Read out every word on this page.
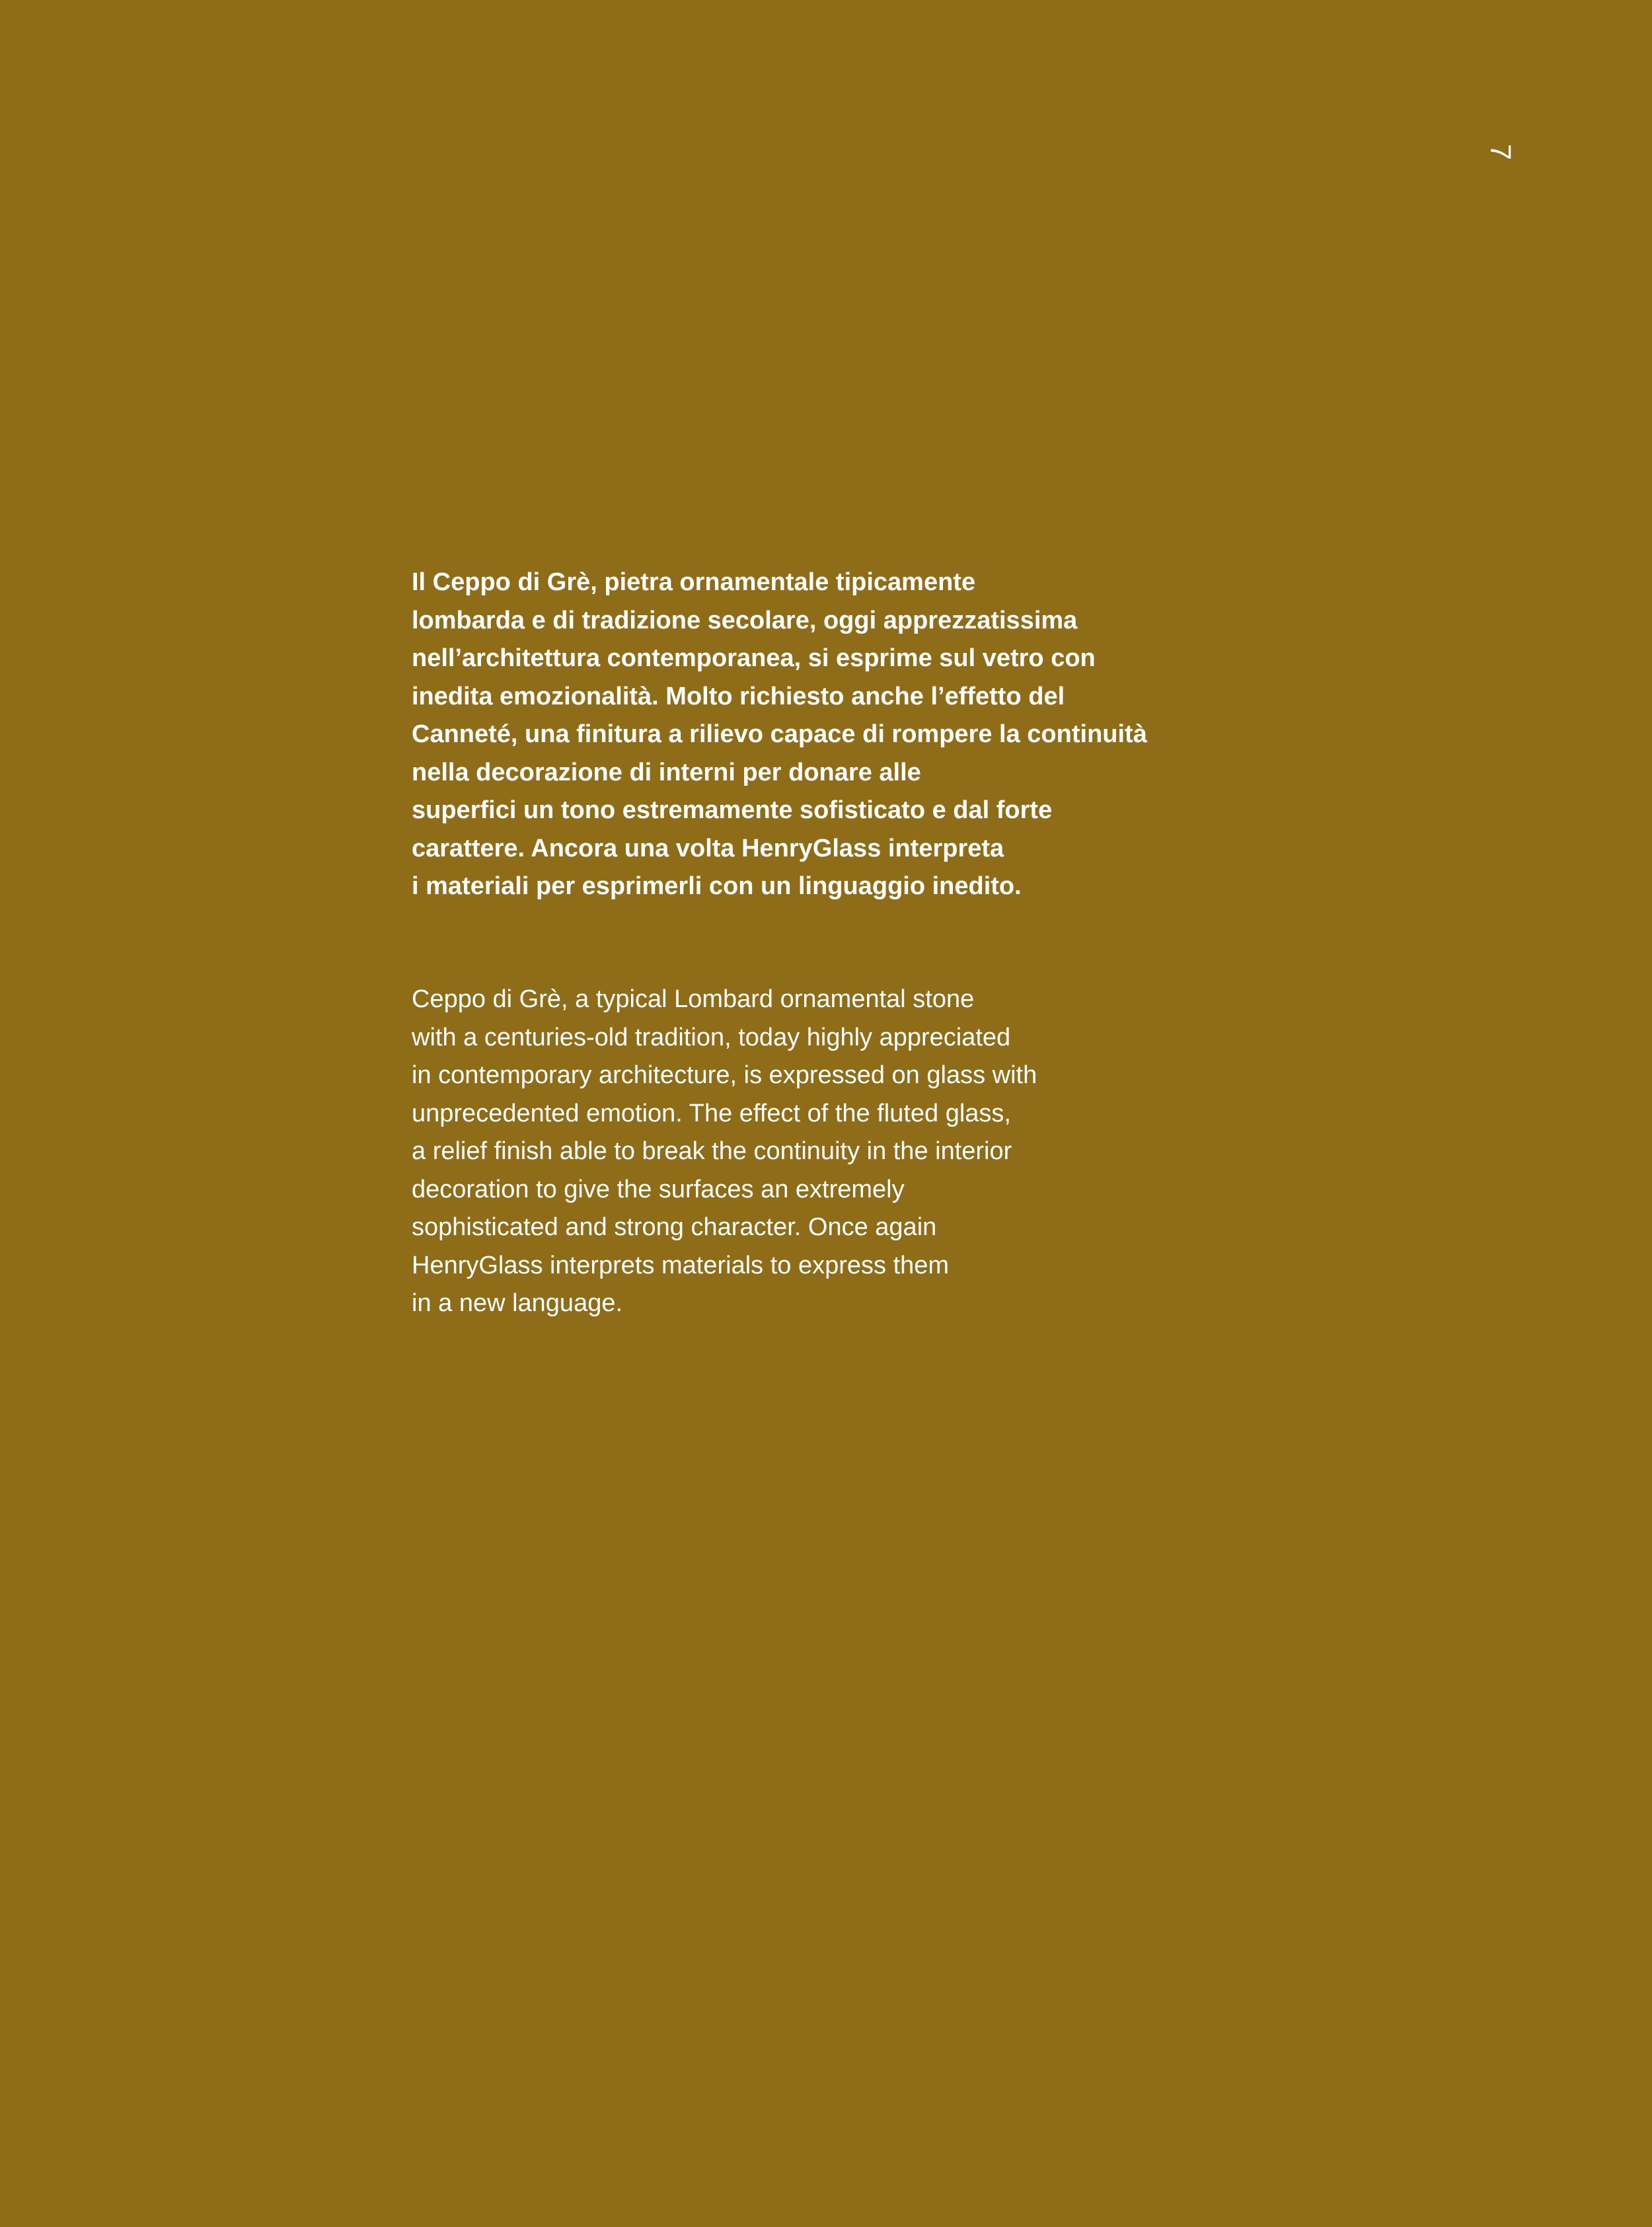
7
Il Ceppo di Grè, pietra ornamentale tipicamente
lombarda e di tradizione secolare, oggi apprezzatissima
nell’architettura contemporanea, si esprime sul vetro con
inedita emozionalità. Molto richiesto anche l’effetto del
Canneté, una finitura a rilievo capace di rompere la continuità
nella decorazione di interni per donare alle
superfici un tono estremamente sofisticato e dal forte
carattere. Ancora una volta HenryGlass interpreta
i materiali per esprimerli con un linguaggio inedito.
Ceppo di Grè, a typical Lombard ornamental stone
with a centuries-old tradition, today highly appreciated
in contemporary architecture, is expressed on glass with
unprecedented emotion. The effect of the fluted glass,
a relief finish able to break the continuity in the interior
decoration to give the surfaces an extremely
sophisticated and strong character. Once again
HenryGlass interprets materials to express them
in a new language.
